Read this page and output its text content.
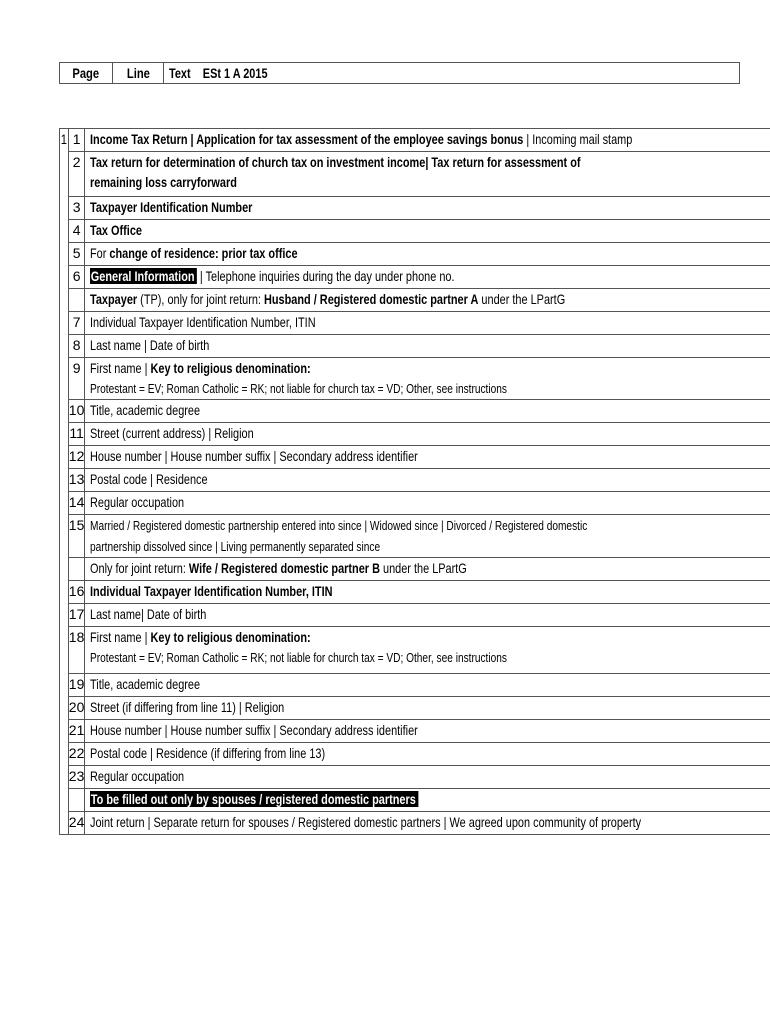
Page	Line	Text ESt 1 A 2015
1	1	Income Tax Return | Application for tax assessment of the employee savings bonus | Incoming mail stamp
	2	Tax return for determination of church tax on investment income| Tax return for assessment of
remaining loss carryforward
	3	Taxpayer Identification Number
	4	Tax Office
	5	For change of residence: prior tax office
	6	General Information | Telephone inquiries during the day under phone no.
		Taxpayer (TP), only for joint return: Husband / Registered domestic partner A under the LPartG
	7	Individual Taxpayer Identification Number, ITIN
	8	Last name | Date of birth
	9	First name | Key to religious denomination:
Protestant = EV; Roman Catholic = RK; not liable for church tax = VD; Other, see instructions
	10	Title, academic degree
	11	Street (current address) | Religion
	12	House number | House number suffix | Secondary address identifier
	13	Postal code | Residence
	14	Regular occupation
	15	Married / Registered domestic partnership entered into since | Widowed since | Divorced / Registered domestic
partnership dissolved since | Living permanently separated since
		Only for joint return: Wife / Registered domestic partner B under the LPartG
	16	Individual Taxpayer Identification Number, ITIN
	17	Last name| Date of birth
	18	First name | Key to religious denomination:
Protestant = EV; Roman Catholic = RK; not liable for church tax = VD; Other, see instructions
	19	Title, academic degree
	20	Street (if differing from line 11) | Religion
	21	House number | House number suffix | Secondary address identifier
	22	Postal code | Residence (if differing from line 13)
	23	Regular occupation
		To be filled out only by spouses / registered domestic partners
	24	Joint return | Separate return for spouses / Registered domestic partners | We agreed upon community of property
